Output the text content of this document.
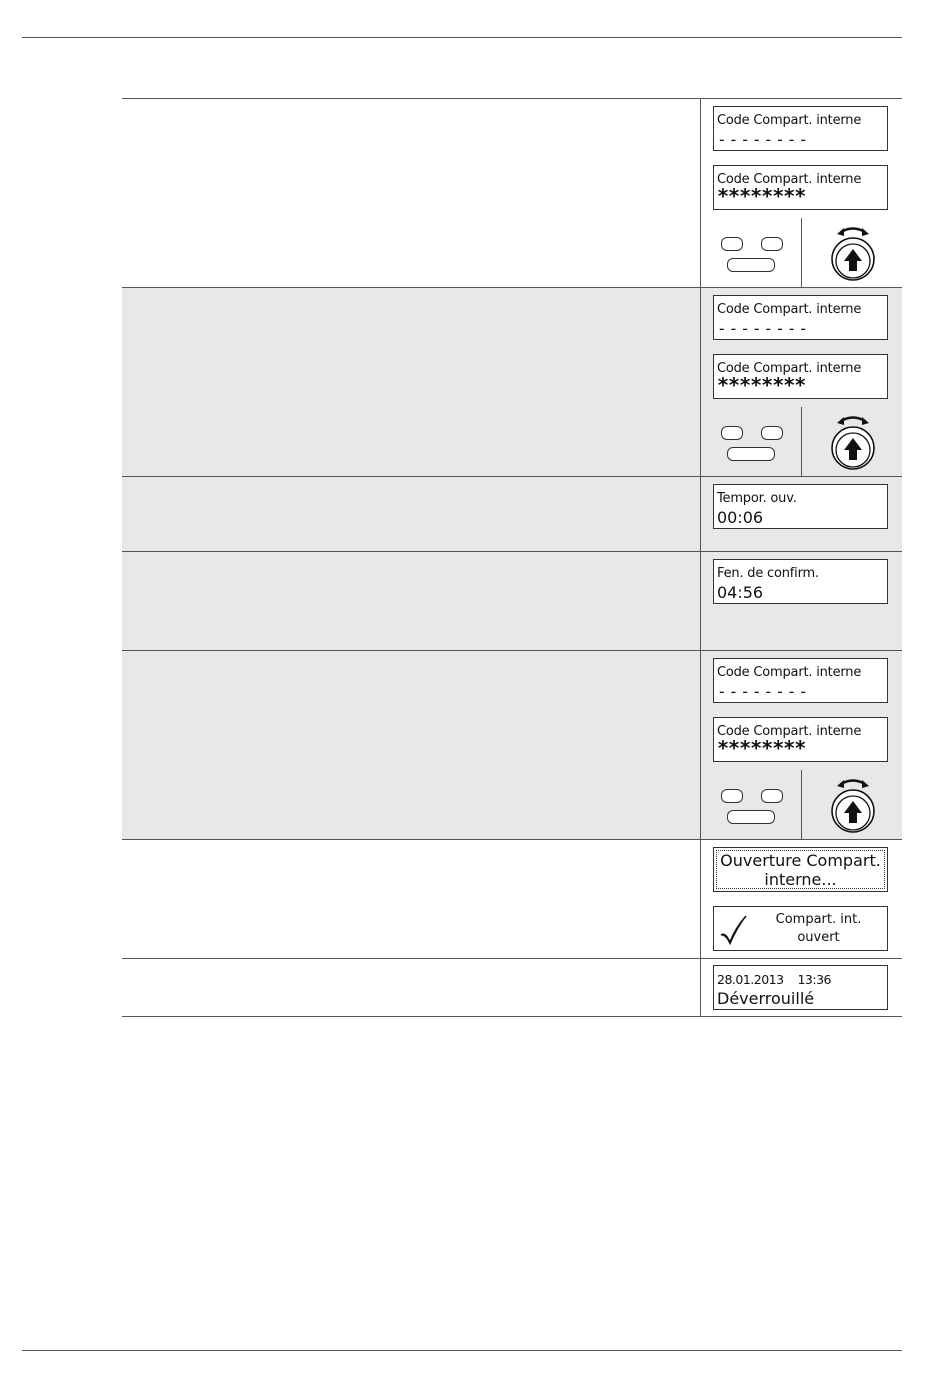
Code Compart. interne
--------
Code Compart. interne
********
Code Compart. interne
--------
Code Compart. interne
********
Tempor. ouv.
00:06
Fen. de confirm.
04:56
Code Compart. interne
--------
Code Compart. interne
********
Ouverture Compart.
interne...
Compart. int.
ouvert
28.01.2013    13:36
Déverrouillé
